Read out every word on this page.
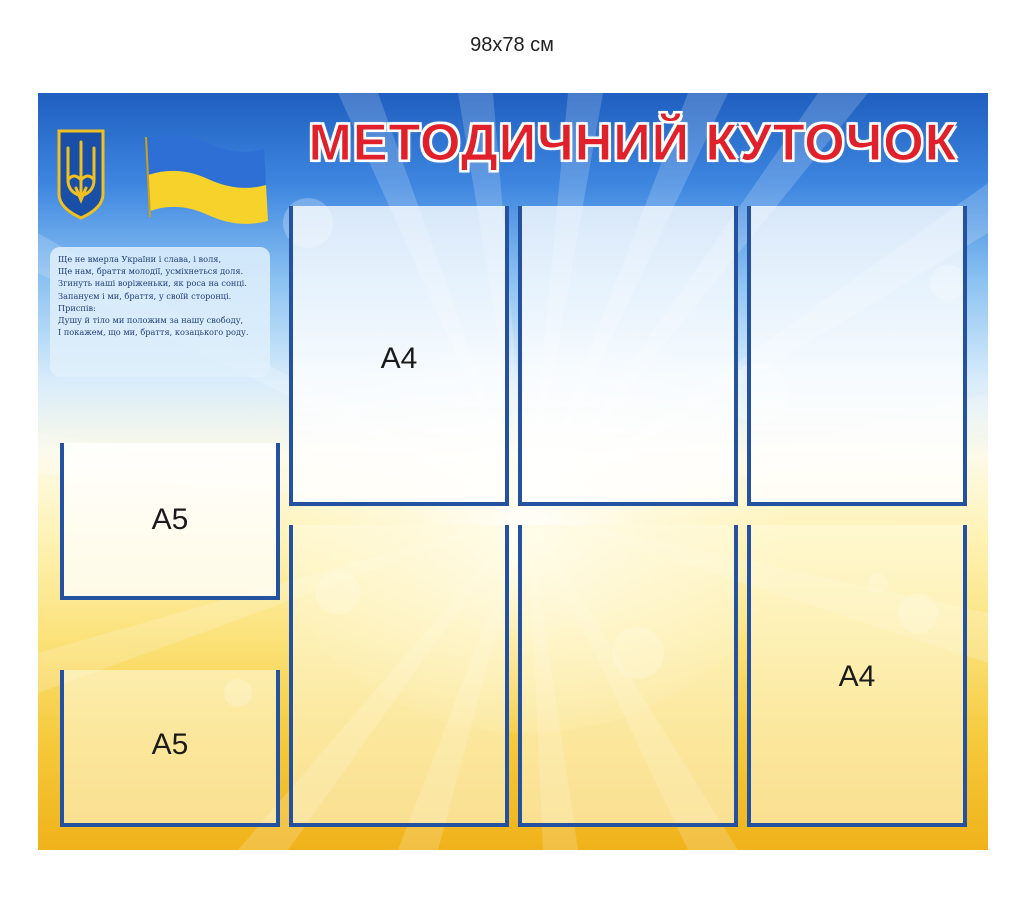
98x78 см
МЕТОДИЧНИЙ КУТОЧОК
Ще не вмерла України і слава, і воля,
Ще нам, браття молодії, усміхнеться доля.
Згинуть наші воріженьки, як роса на сонці.
Запануєм і ми, браття, у своїй сторонці.
Приспів:
Душу й тіло ми положим за нашу свободу,
І покажем, що ми, браття, козацького роду.
A5
A5
A4
A4
